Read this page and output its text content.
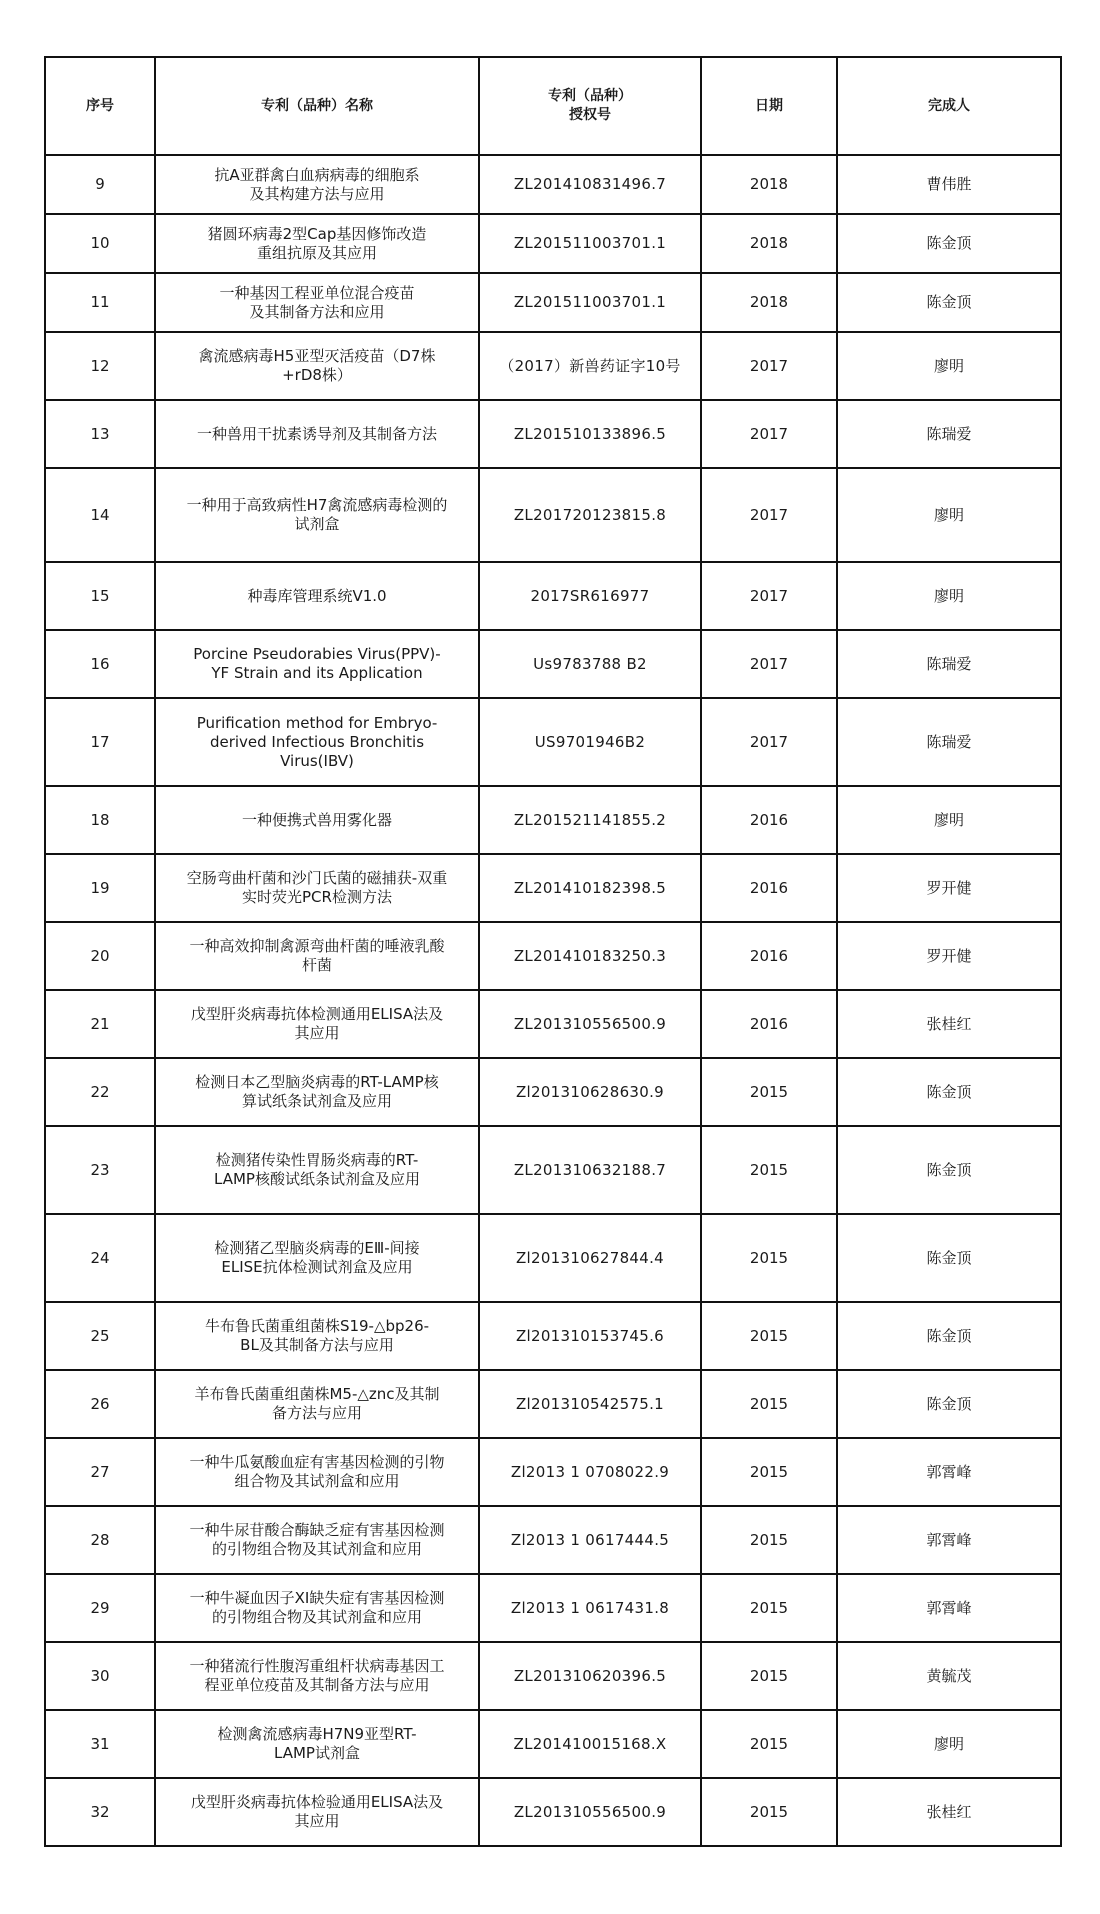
序号	专利（品种）名称	专利（品种）
授权号	日期	完成人
9	抗A亚群禽白血病病毒的细胞系
及其构建方法与应用	ZL201410831496.7	2018	曹伟胜
10	猪圆环病毒2型Cap基因修饰改造
重组抗原及其应用	ZL201511003701.1	2018	陈金顶
11	一种基因工程亚单位混合疫苗
及其制备方法和应用	ZL201511003701.1	2018	陈金顶
12	禽流感病毒H5亚型灭活疫苗（D7株
+rD8株）	（2017）新兽药证字10号	2017	廖明
13	一种兽用干扰素诱导剂及其制备方法	ZL201510133896.5	2017	陈瑞爱
14	一种用于高致病性H7禽流感病毒检测的
试剂盒	ZL201720123815.8	2017	廖明
15	种毒库管理系统V1.0	2017SR616977	2017	廖明
16	Porcine Pseudorabies Virus(PPV)-
YF Strain and its Application	Us9783788 B2	2017	陈瑞爱
17	Purification method for Embryo-
derived Infectious Bronchitis
Virus(IBV)	US9701946B2	2017	陈瑞爱
18	一种便携式兽用雾化器	ZL201521141855.2	2016	廖明
19	空肠弯曲杆菌和沙门氏菌的磁捕获-双重
实时荧光PCR检测方法	ZL201410182398.5	2016	罗开健
20	一种高效抑制禽源弯曲杆菌的唾液乳酸
杆菌	ZL201410183250.3	2016	罗开健
21	戊型肝炎病毒抗体检测通用ELISA法及
其应用	ZL201310556500.9	2016	张桂红
22	检测日本乙型脑炎病毒的RT-LAMP核
算试纸条试剂盒及应用	Zl201310628630.9	2015	陈金顶
23	检测猪传染性胃肠炎病毒的RT-
LAMP核酸试纸条试剂盒及应用	ZL201310632188.7	2015	陈金顶
24	检测猪乙型脑炎病毒的EⅢ-间接
ELISE抗体检测试剂盒及应用	Zl201310627844.4	2015	陈金顶
25	牛布鲁氏菌重组菌株S19-△bp26-
BL及其制备方法与应用	Zl201310153745.6	2015	陈金顶
26	羊布鲁氏菌重组菌株M5-△znc及其制
备方法与应用	Zl201310542575.1	2015	陈金顶
27	一种牛瓜氨酸血症有害基因检测的引物
组合物及其试剂盒和应用	Zl2013 1 0708022.9	2015	郭霄峰
28	一种牛尿苷酸合酶缺乏症有害基因检测
的引物组合物及其试剂盒和应用	Zl2013 1 0617444.5	2015	郭霄峰
29	一种牛凝血因子XI缺失症有害基因检测
的引物组合物及其试剂盒和应用	Zl2013 1 0617431.8	2015	郭霄峰
30	一种猪流行性腹泻重组杆状病毒基因工
程亚单位疫苗及其制备方法与应用	ZL201310620396.5	2015	黄毓茂
31	检测禽流感病毒H7N9亚型RT-
LAMP试剂盒	ZL201410015168.X	2015	廖明
32	戊型肝炎病毒抗体检验通用ELISA法及
其应用	ZL201310556500.9	2015	张桂红
